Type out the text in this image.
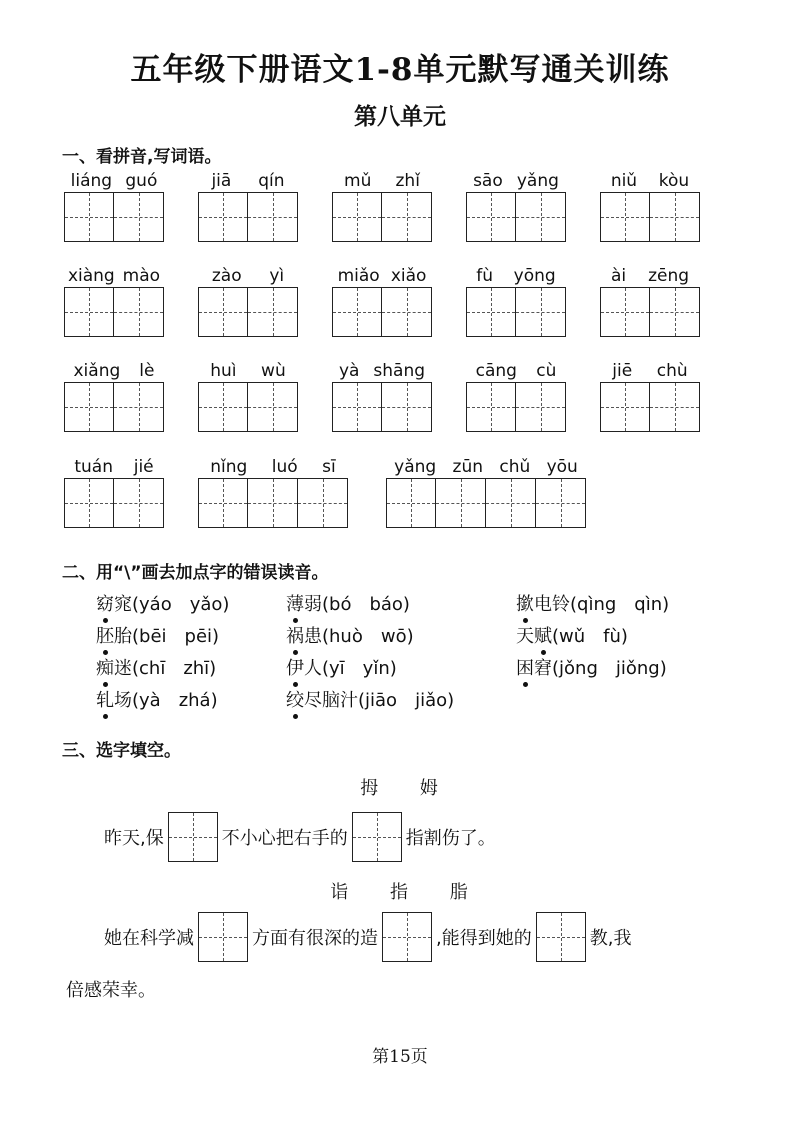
五年级下册语文1-8单元默写通关训练
第八单元
一、看拼音,写词语。
liáng guó	jiā qín	mǔ zhǐ	sāo yǎng	niǔ kòu
xiàng mào	zào yì	miǎo xiǎo	fù yōng	ài zēng
xiǎng lè	huì wù	yà shāng	cāng cù	jiē chù
tuán jié	nǐng luó sī	yǎng zūn chǔ yōu
二、用“\”画去加点字的错误读音。
窈窕(yáo　yǎo)	薄弱(bó　báo)	撳电铃(qìng　qìn)
胚胎(bēi　pēi)	祸患(huò　wō)	天赋(wǔ　fù)
痴迷(chī　zhī)	伊人(yī　yǐn)	困窘(jǒng　jiǒng)
轧场(yà　zhá)	绞尽脑汁(jiāo　jiǎo)
三、选字填空。
拇 姆
昨天,保	不小心把右手的	指割伤了。
诣 指 脂
她在科学减	方面有很深的造	,能得到她的	教,我
倍感荣幸。
第15页
